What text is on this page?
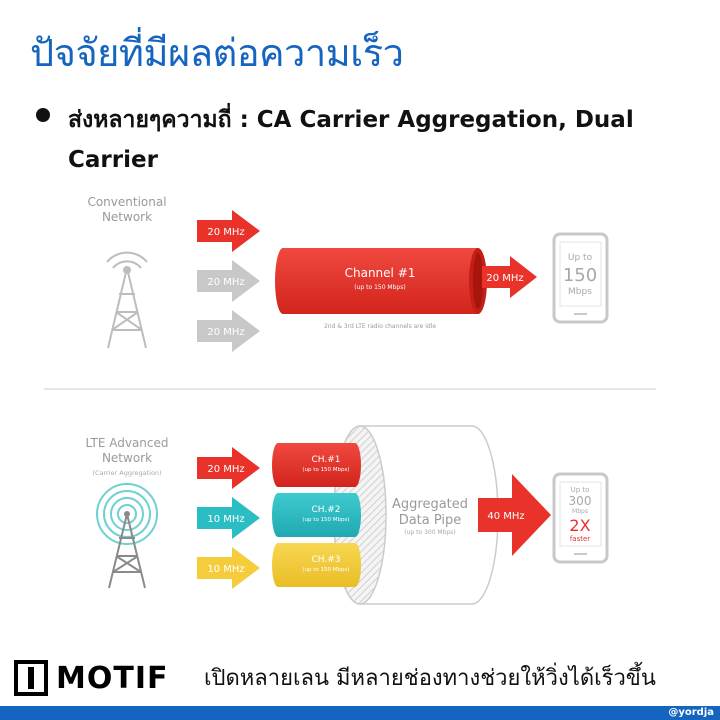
ปัจจัยที่มีผลต่อความเร็ว
ส่งหลายๆความถี่ : CA Carrier Aggregation, Dual Carrier
Conventional
Network
20 MHz
20 MHz
20 MHz
Channel #1
(up to 150 Mbps)
2nd & 3rd LTE radio channels are idle
20 MHz
Up to
150
Mbps
LTE Advanced
Network
(Carrier Aggregation)	20 MHz
10 MHz
10 MHz
Aggregated
Data Pipe
(up to 300 Mbps)
CH.#1
(up to 150 Mbps)
CH.#2
(up to 150 Mbps)
CH.#3
(up to 150 Mbps)
40 MHz
Up to
300
Mbps
2X
faster
MOTIF เปิดหลายเลน มีหลายช่องทางช่วยให้วิ่งได้เร็วขึ้น
@yordja
